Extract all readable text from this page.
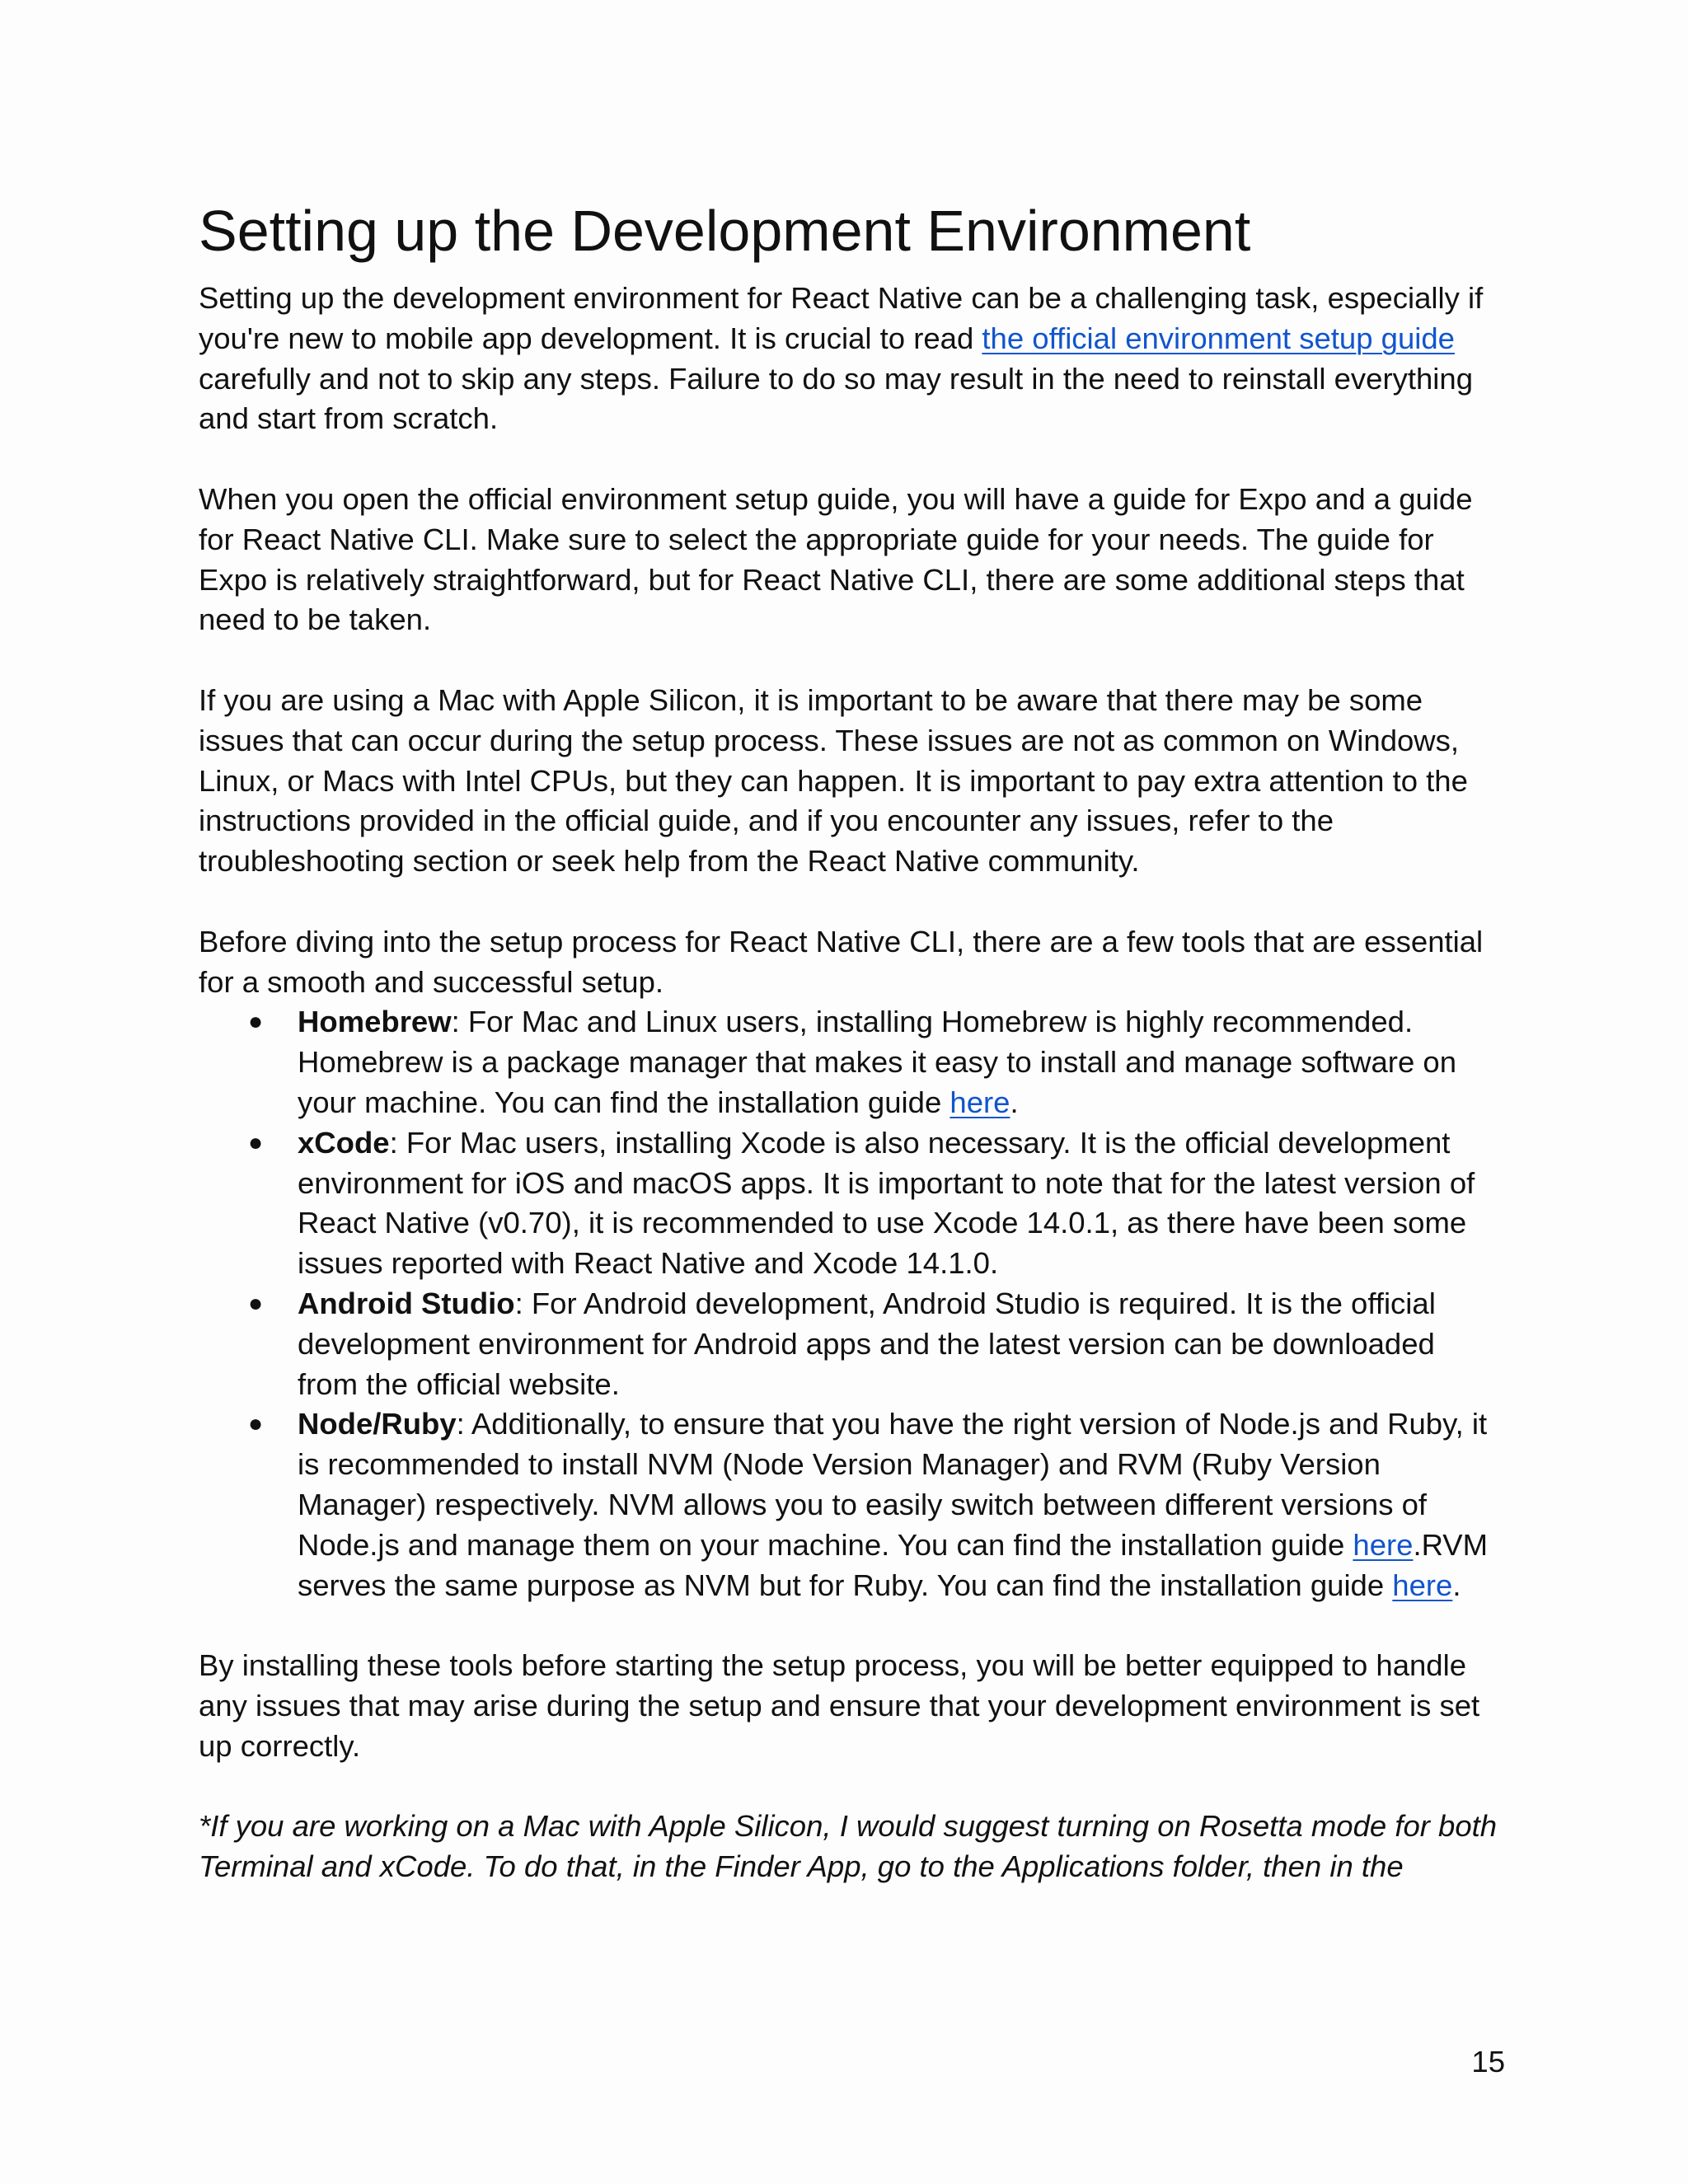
Setting up the Development Environment

Setting up the development environment for React Native can be a challenging task, especially if you're new to mobile app development. It is crucial to read the official environment setup guide carefully and not to skip any steps. Failure to do so may result in the need to reinstall everything and start from scratch.

When you open the official environment setup guide, you will have a guide for Expo and a guide for React Native CLI. Make sure to select the appropriate guide for your needs. The guide for Expo is relatively straightforward, but for React Native CLI, there are some additional steps that need to be taken.

If you are using a Mac with Apple Silicon, it is important to be aware that there may be some issues that can occur during the setup process. These issues are not as common on Windows, Linux, or Macs with Intel CPUs, but they can happen. It is important to pay extra attention to the instructions provided in the official guide, and if you encounter any issues, refer to the troubleshooting section or seek help from the React Native community.

Before diving into the setup process for React Native CLI, there are a few tools that are essential for a smooth and successful setup.

● Homebrew: For Mac and Linux users, installing Homebrew is highly recommended. Homebrew is a package manager that makes it easy to install and manage software on your machine. You can find the installation guide here.
● xCode: For Mac users, installing Xcode is also necessary. It is the official development environment for iOS and macOS apps. It is important to note that for the latest version of React Native (v0.70), it is recommended to use Xcode 14.0.1, as there have been some issues reported with React Native and Xcode 14.1.0.
● Android Studio: For Android development, Android Studio is required. It is the official development environment for Android apps and the latest version can be downloaded from the official website.
● Node/Ruby: Additionally, to ensure that you have the right version of Node.js and Ruby, it is recommended to install NVM (Node Version Manager) and RVM (Ruby Version Manager) respectively. NVM allows you to easily switch between different versions of Node.js and manage them on your machine. You can find the installation guide here.RVM serves the same purpose as NVM but for Ruby. You can find the installation guide here.

By installing these tools before starting the setup process, you will be better equipped to handle any issues that may arise during the setup and ensure that your development environment is set up correctly.

*If you are working on a Mac with Apple Silicon, I would suggest turning on Rosetta mode for both Terminal and xCode. To do that, in the Finder App, go to the Applications folder, then in the

15
